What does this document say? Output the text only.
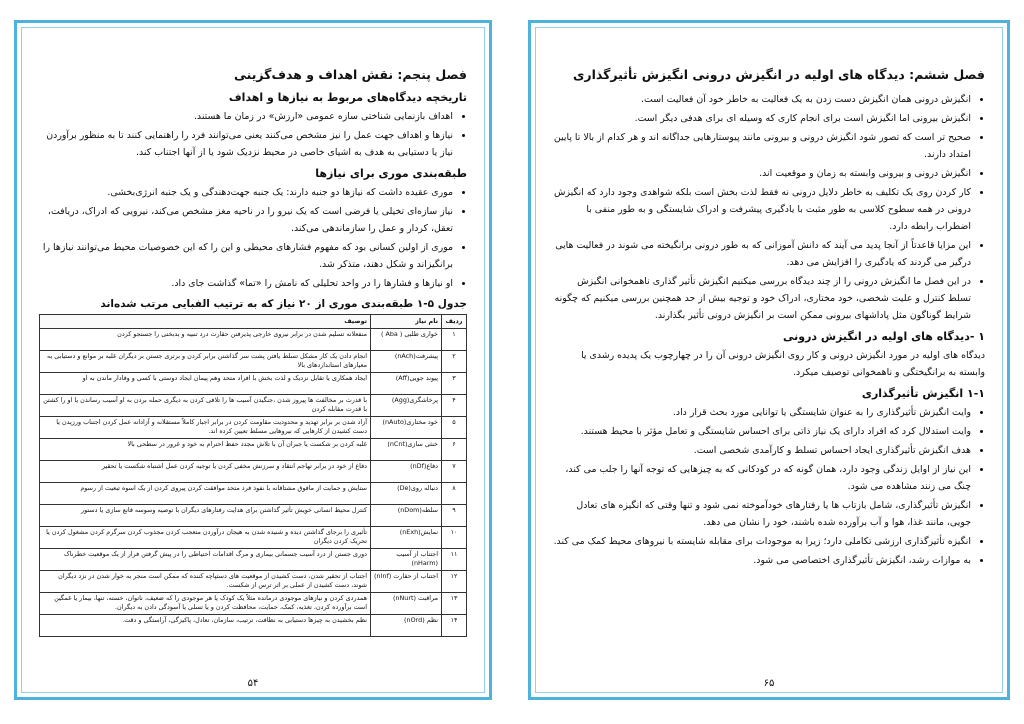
فصل پنجم: نقش اهداف و هدف‌گزینی
تاریخچه دیدگاه‌های مربوط به نیازها و اهداف
• اهداف بازنمایی شناختی سازه عمومی «ارزش» در زمان ما هستند.
• نیازها و اهداف جهت عمل را نیز مشخص می‌کنند یعنی می‌توانند فرد را راهنمایی کنند تا به منظور برآوردن نیاز یا دستیابی به هدف به اشیای خاصی در محیط نزدیک شود یا از آنها اجتناب کند.
طبقه‌بندی موری برای نیازها
• موری عقیده داشت که نیازها دو جنبه دارند: یک جنبه جهت‌دهندگی و یک جنبه انرژی‌بخشی.
• نیاز سازه‌ای تخیلی یا فرضی است که یک نیرو را در ناحیه مغز مشخص می‌کند، نیرویی که ادراک، دریافت، تعقل، کردار و عمل را سازماندهی می‌کند.
• موری از اولین کسانی بود که مفهوم فشارهای محیطی و این را که این خصوصیات محیط می‌توانند نیازها را برانگیزاند و شکل دهند، متذکر شد.
• او نیازها و فشارها را در واحد تحلیلی که نامش را «تما» گذاشت جای داد.
جدول ۵-۱ طبقه‌بندی موری از ۲۰ نیاز که به ترتیب الفبایی مرتب شده‌اند
ردیف	نام نیاز	توصیف
۱	خواری طلبی ( Aba )	منفعلانه تسلیم شدن در برابر نیروی خارجی پذیرفتن حقارت درد تنبیه و بدبختی را جستجو کردن
۲	پیشرفت(nAch)	انجام دادن یک کار مشکل تسلط یافتن پشت سر گذاشتن برابر کردن و برتری جستن بر دیگران غلبه بر موانع و دستیابی به معیارهای استانداردهای بالا
۳	پیوند جویی(Aff)	ایجاد همکاری یا تقابل نزدیک و لذت بخش با افراد متحد وهم پیمان ایجاد دوستی با کسی و وفادار ماندن به او
۴	پرخاشگری(Agg)	با قدرت بر مخالفت ها پیروز شدن ،جنگیدن آسیب ها را تلافی کردن به دیگری حمله بردن به او آسیب رساندن یا او را کشتن با قدرت مقابله کردن
۵	خود مختاری(nAuto)	آزاد شدن بر برابر تهدید و محدودیت مقاومت کردن در برابر اجبار کاملاً مستقلانه و آزادانه عمل کردن اجتناب ورزیدن یا دست کشیدن از کارهایی که نیروهایی مسلط تعیین کرده اند.
۶	خنثی سازی(nCnt)	غلبه کردن بر شکست یا جبران آن با تلاش مجدد حفظ احترام به خود و غرور در سطحی بالا
۷	دفاع(nDf)	دفاع از خود در برابر تهاجم انتقاد و سرزنش مخفی کردن یا توجیه کردن عمل اشتباه شکست یا تحقیر
۸	دنباله روی(De)	ستایش و حمایت از مافوق مشتاقانه با نفوذ فرد متحد موافقت کردن پیروی کردن از یک اسوه تبعیت از رسوم
۹	سلطه(nDom)	کنترل محیط انسانی خویش تأثیر گذاشتن برای هدایت رفتارهای دیگران با توصیه وسوسه قانع سازی یا دستور
۱۰	نمایش(nExh)	تأثیری را برجای گذاشتن دیده و شنیده شدن به هیجان درآوردن متعجب کردن مجذوب کردن سرگرم کردن مشغول کردن یا تحریک کردن دیگران
۱۱	اجتناب از آسیب (nHarm)	دوری جستن از درد آسیب جسمانی بیماری و مرگ اقدامات احتیاطی را در پیش گرفتن فرار از یک موقعیت خطرناک
۱۲	اجتناب از حقارت (nInf)	اجتناب از تحقیر شدن، دست کشیدن از موقعیت های دستپاچه کننده که ممکن است منجر به خوار شدن در نزد دیگران شوند، دست کشیدن از عملی بر اثر ترس از شکست.
۱۳	مراقبت (nNurt)	همدردی کردن و نیازهای موجودی درمانده مثلاً یک کودک یا هر موجودی را که ضعیف، ناتوان، خسته، تنها، بیمار یا غمگین است برآورده کردن، تغذیه، کمک، حمایت، محافظت کردن و یا تسلی یا آسودگی دادن به دیگران.
۱۴	نظم (nOrd)	نظم بخشیدن به چیزها دستیابی به نظافت، ترتیب، سازمان، تعادل، پاکیزگی، آراستگی و دقت.
۵۴
فصل ششم: دیدگاه های اولیه در انگیزش درونی انگیزش تأثیرگذاری
• انگیزش درونی همان انگیزش دست زدن به یک فعالیت به خاطر خود آن فعالیت است.
• انگیزش بیرونی اما انگیزش است برای انجام کاری که وسیله ای برای هدفی دیگر است.
• صحیح تر است که تصور شود انگیزش درونی و بیرونی مانند پیوستارهایی جداگانه اند و هر کدام از بالا تا پایین امتداد دارند.
• انگیزش درونی و بیرونی وابسته به زمان و موقعیت اند.
• کار کردن روی یک تکلیف به خاطر دلایل درونی نه فقط لذت بخش است بلکه شواهدی وجود دارد که انگیزش درونی در همه سطوح کلاسی به طور مثبت با یادگیری پیشرفت و ادراک شایستگی و به طور منفی با اضطراب رابطه دارد.
• این مزایا قاعدتاً از آنجا پدید می آیند که دانش آموزانی که به طور درونی برانگیخته می شوند در فعالیت هایی درگیر می گردند که یادگیری را افزایش می دهد.
• در این فصل ما انگیزش درونی را از چند دیدگاه بررسی میکنیم انگیزش تأثیر گذاری ناهمخوانی انگیزش تسلط کنترل و علیت شخصی، خود مختاری، ادراک خود و توجیه بیش از حد همچنین بررسی میکنیم که چگونه شرایط گوناگون مثل پاداشهای بیرونی ممکن است بر انگیزش درونی تأثیر بگذارند.
۱ -دیدگاه های اولیه در انگیزش درونی
دیدگاه های اولیه در مورد انگیزش درونی و کار روی انگیزش درونی آن را در چهارچوب یک پدیده رشدی یا وابسته به برانگیختگی و ناهمخوانی توصیف میکرد.
۱-۱ انگیزش تأثیرگذاری
• وایت انگیزش تأثیرگذاری را به عنوان شایستگی یا توانایی مورد بحث قرار داد.
• وایت استدلال کرد که افراد دارای یک نیاز ذاتی برای احساس شایستگی و تعامل مؤثر با محیط هستند.
• هدف انگیزش تأثیرگذاری ایجاد احساس تسلط و کارآمدی شخصی است.
• این نیاز از اوایل زندگی وجود دارد، همان گونه که در کودکانی که به چیزهایی که توجه آنها را جلب می کند، چنگ می زنند مشاهده می شود.
• انگیزش تأثیرگذاری، شامل بازتاب ها یا رفتارهای خودآموخته نمی شود و تنها وقتی که انگیزه های تعادل جویی، مانند غذا، هوا و آب برآورده شده باشند، خود را نشان می دهد.
• انگیزه تأثیرگذاری ارزشی تکاملی دارد؛ زیرا به موجودات برای مقابله شایسته با نیروهای محیط کمک می کند.
• به موازات رشد، انگیزش تأثیرگذاری اختصاصی می شود.
۶۵
